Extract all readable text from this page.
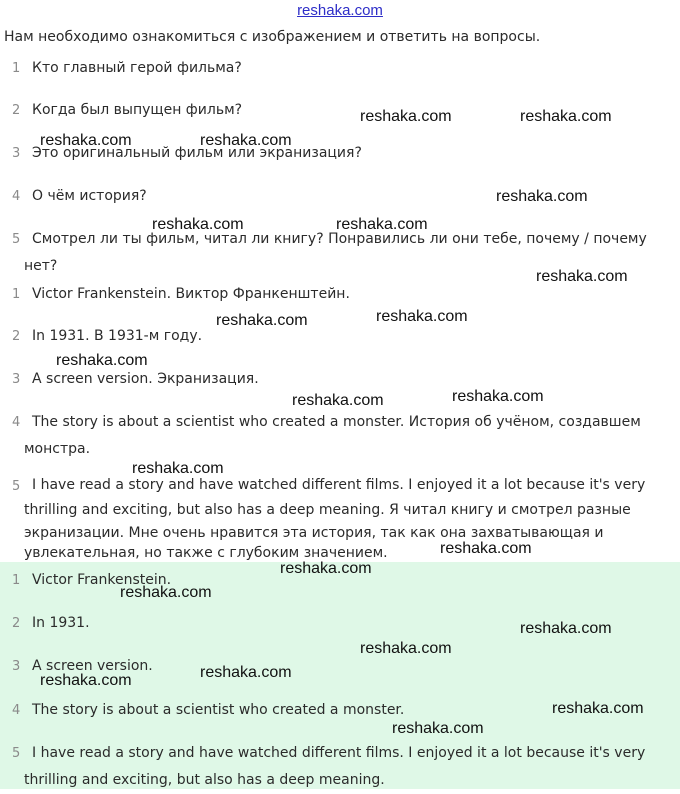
reshaka.com
Нам необходимо ознакомиться с изображением и ответить на вопросы.
1 Кто главный герой фильма?
2 Когда был выпущен фильм?
3 Это оригинальный фильм или экранизация?
4 О чём история?
5 Смотрел ли ты фильм, читал ли книгу? Понравились ли они тебе, почему / почему
нет?
1 Victor Frankenstein. Виктор Франкенштейн.
2 In 1931. В 1931-м году.
3 A screen version. Экранизация.
4 The story is about a scientist who created a monster. История об учёном, создавшем
монстра.
5 I have read a story and have watched different films. I enjoyed it a lot because it's very
thrilling and exciting, but also has a deep meaning. Я читал книгу и смотрел разные
экранизации. Мне очень нравится эта история, так как она захватывающая и
увлекательная, но также с глубоким значением.
1 Victor Frankenstein.
2 In 1931.
3 A screen version.
4 The story is about a scientist who created a monster.
5 I have read a story and have watched different films. I enjoyed it a lot because it's very
thrilling and exciting, but also has a deep meaning.
reshaka.com	reshaka.com
reshaka.com	reshaka.com
reshaka.com
reshaka.com	reshaka.com
reshaka.com
reshaka.com
reshaka.com
reshaka.com
reshaka.com
reshaka.com
reshaka.com
reshaka.com
reshaka.com
reshaka.com
reshaka.com
reshaka.com
reshaka.com
reshaka.com
reshaka.com
reshaka.com
